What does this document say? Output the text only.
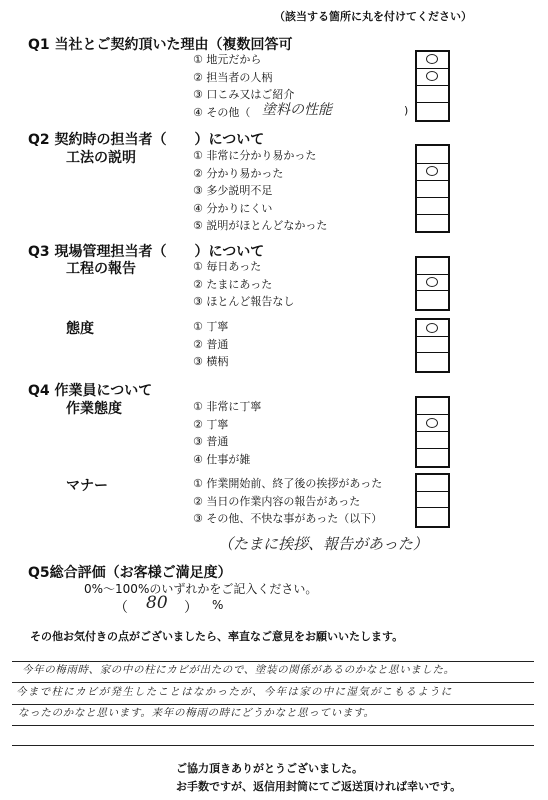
（該当する箇所に丸を付けてください）
Q1 当社とご契約頂いた理由（複数回答可
① 地元だから
② 担当者の人柄
③ 口こみ又はご紹介
④ その他（ 塗料の性能	)
Q2 契約時の担当者（　　）について
工法の説明	① 非常に分かり易かった
② 分かり易かった
③ 多少説明不足
④ 分かりにくい
⑤ 説明がほとんどなかった
Q3 現場管理担当者（　　）について
工程の報告	① 毎日あった
② たまにあった
③ ほとんど報告なし
態度	① 丁寧
② 普通
③ 横柄
Q4 作業員について
作業態度	① 非常に丁寧
② 丁寧
③ 普通
④ 仕事が雑
マナー	① 作業開始前、終了後の挨拶があった
② 当日の作業内容の報告があった
③ その他、不快な事があった（以下）
（たまに挨拶、報告があった）
Q5総合評価（お客様ご満足度）
0%～100%のいずれかをご記入ください。
（ 80 ） %
その他お気付きの点がございましたら、率直なご意見をお願いいたします。
今年の梅雨時、家の中の柱にカビが出たので、塗装の関係があるのかなと思いました。
今まで柱にカビが発生したことはなかったが、今年は家の中に湿気がこもるように
なったのかなと思います。来年の梅雨の時にどうかなと思っています。
ご協力頂きありがとうございました。
お手数ですが、返信用封筒にてご返送頂ければ幸いです。
